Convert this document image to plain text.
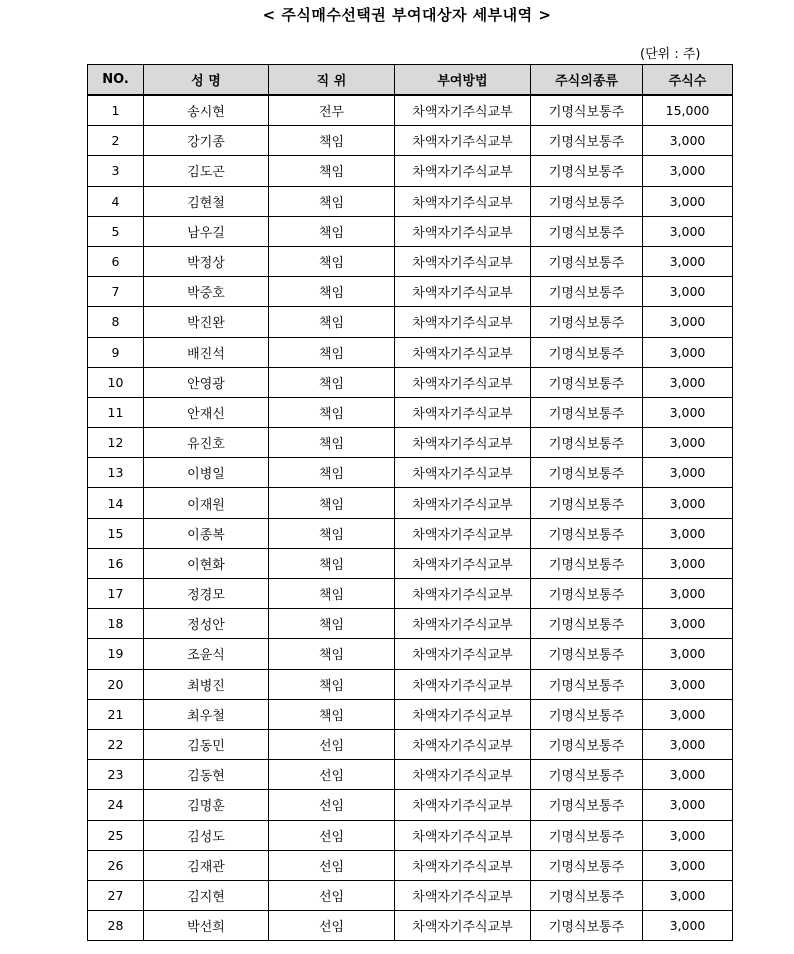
< 주식매수선택권 부여대상자 세부내역 >
(단위 : 주)
NO.	성 명	직 위	부여방법	주식의종류	주식수
1	송시현	전무	차액자기주식교부	기명식보통주	15,000
2	강기종	책임	차액자기주식교부	기명식보통주	3,000
3	김도곤	책임	차액자기주식교부	기명식보통주	3,000
4	김현철	책임	차액자기주식교부	기명식보통주	3,000
5	남우길	책임	차액자기주식교부	기명식보통주	3,000
6	박정상	책임	차액자기주식교부	기명식보통주	3,000
7	박중호	책임	차액자기주식교부	기명식보통주	3,000
8	박진완	책임	차액자기주식교부	기명식보통주	3,000
9	배진석	책임	차액자기주식교부	기명식보통주	3,000
10	안영광	책임	차액자기주식교부	기명식보통주	3,000
11	안재신	책임	차액자기주식교부	기명식보통주	3,000
12	유진호	책임	차액자기주식교부	기명식보통주	3,000
13	이병일	책임	차액자기주식교부	기명식보통주	3,000
14	이재원	책임	차액자기주식교부	기명식보통주	3,000
15	이종복	책임	차액자기주식교부	기명식보통주	3,000
16	이현화	책임	차액자기주식교부	기명식보통주	3,000
17	정경모	책임	차액자기주식교부	기명식보통주	3,000
18	정성안	책임	차액자기주식교부	기명식보통주	3,000
19	조윤식	책임	차액자기주식교부	기명식보통주	3,000
20	최병진	책임	차액자기주식교부	기명식보통주	3,000
21	최우철	책임	차액자기주식교부	기명식보통주	3,000
22	김동민	선임	차액자기주식교부	기명식보통주	3,000
23	김동현	선임	차액자기주식교부	기명식보통주	3,000
24	김명훈	선임	차액자기주식교부	기명식보통주	3,000
25	김성도	선임	차액자기주식교부	기명식보통주	3,000
26	김재관	선임	차액자기주식교부	기명식보통주	3,000
27	김지현	선임	차액자기주식교부	기명식보통주	3,000
28	박선희	선임	차액자기주식교부	기명식보통주	3,000
